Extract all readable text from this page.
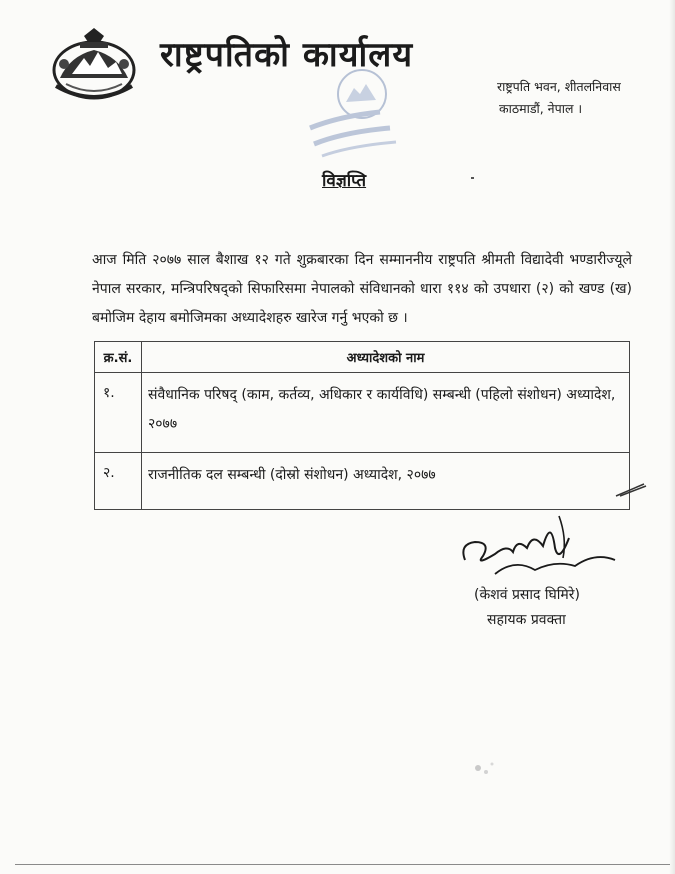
राष्ट्रपतिको कार्यालय
राष्ट्रपति भवन, शीतलनिवास
काठमाडौं, नेपाल ।
विज्ञप्ति

आज मिति २०७७ साल बैशाख १२ गते शुक्रबारका दिन सम्माननीय राष्ट्रपति श्रीमती विद्यादेवी भण्डारीज्यूले नेपाल सरकार, मन्त्रिपरिषद्को सिफारिसमा नेपालको संविधानको धारा ११४ को उपधारा (२) को खण्ड (ख) बमोजिम देहाय बमोजिमका अध्यादेशहरु खारेज गर्नु भएको छ ।

क्र.सं.	अध्यादेशको नाम
१.	संवैधानिक परिषद् (काम, कर्तव्य, अधिकार र कार्यविधि) सम्बन्धी (पहिलो संशोधन) अध्यादेश, २०७७
२.	राजनीतिक दल सम्बन्धी (दोस्रो संशोधन) अध्यादेश, २०७७
(केशवं प्रसाद घिमिरे)
सहायक प्रवक्ता
